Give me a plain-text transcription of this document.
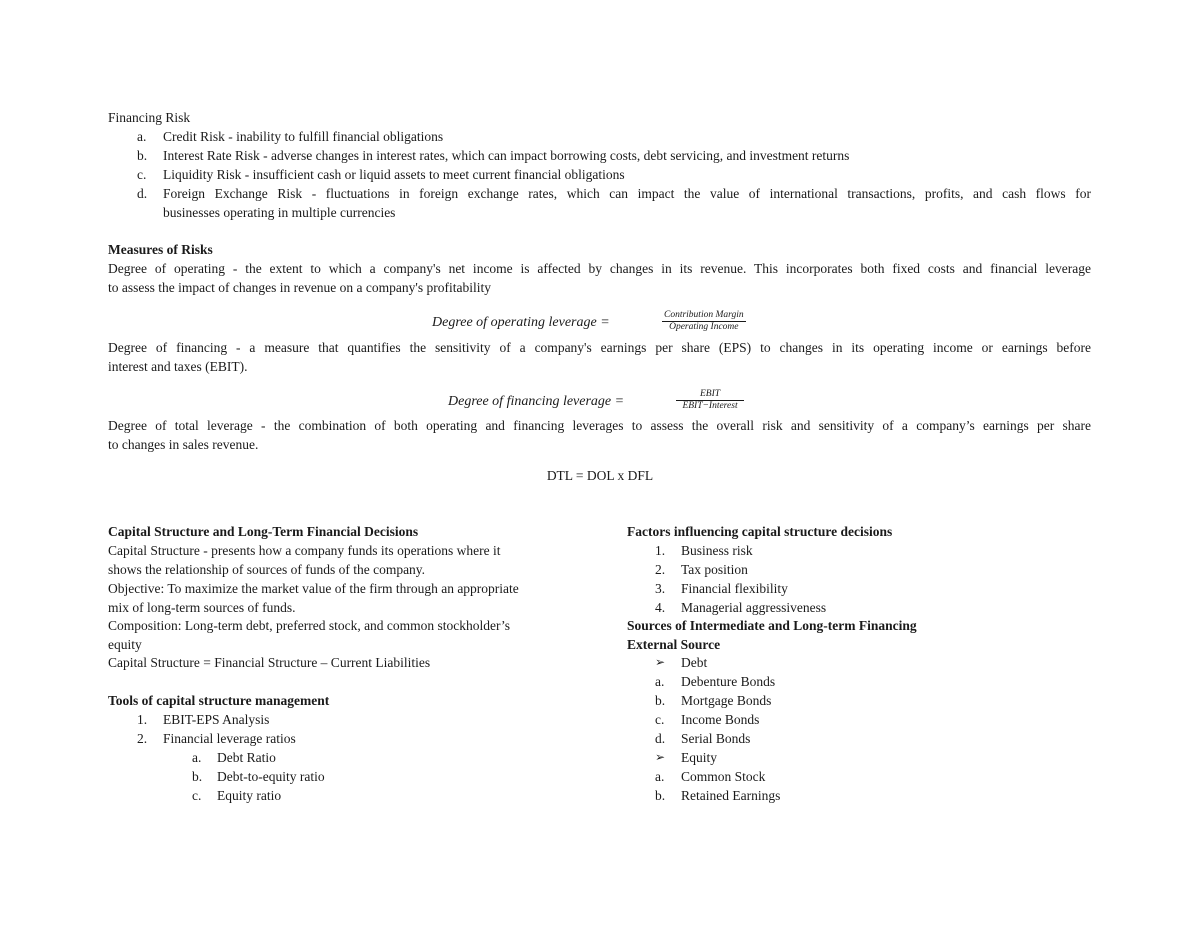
Financing Risk
a. Credit Risk - inability to fulfill financial obligations
b. Interest Rate Risk - adverse changes in interest rates, which can impact borrowing costs, debt servicing, and investment returns
c. Liquidity Risk - insufficient cash or liquid assets to meet current financial obligations
d. Foreign Exchange Risk - fluctuations in foreign exchange rates, which can impact the value of international transactions, profits, and cash flows for
businesses operating in multiple currencies
Measures of Risks
Degree of operating - the extent to which a company's net income is affected by changes in its revenue. This incorporates both fixed costs and financial leverage
to assess the impact of changes in revenue on a company's profitability
Degree of operating leverage =	Contribution Margin
Operating Income
Degree of financing - a measure that quantifies the sensitivity of a company's earnings per share (EPS) to changes in its operating income or earnings before
interest and taxes (EBIT).
Degree of financing leverage =	EBIT
EBIT−Interest
Degree of total leverage - the combination of both operating and financing leverages to assess the overall risk and sensitivity of a company’s earnings per share
to changes in sales revenue.
DTL = DOL x DFL
Capital Structure and Long-Term Financial Decisions
Capital Structure - presents how a company funds its operations where it
shows the relationship of sources of funds of the company.
Objective: To maximize the market value of the firm through an appropriate
mix of long-term sources of funds.
Composition: Long-term debt, preferred stock, and common stockholder’s
equity
Capital Structure = Financial Structure – Current Liabilities
Tools of capital structure management
1. EBIT-EPS Analysis
2. Financial leverage ratios
a. Debt Ratio
b. Debt-to-equity ratio
c. Equity ratio
Factors influencing capital structure decisions
1. Business risk
2. Tax position
3. Financial flexibility
4. Managerial aggressiveness
Sources of Intermediate and Long-term Financing
External Source
➢ Debt
a. Debenture Bonds
b. Mortgage Bonds
c. Income Bonds
d. Serial Bonds
➢ Equity
a. Common Stock
b. Retained Earnings
